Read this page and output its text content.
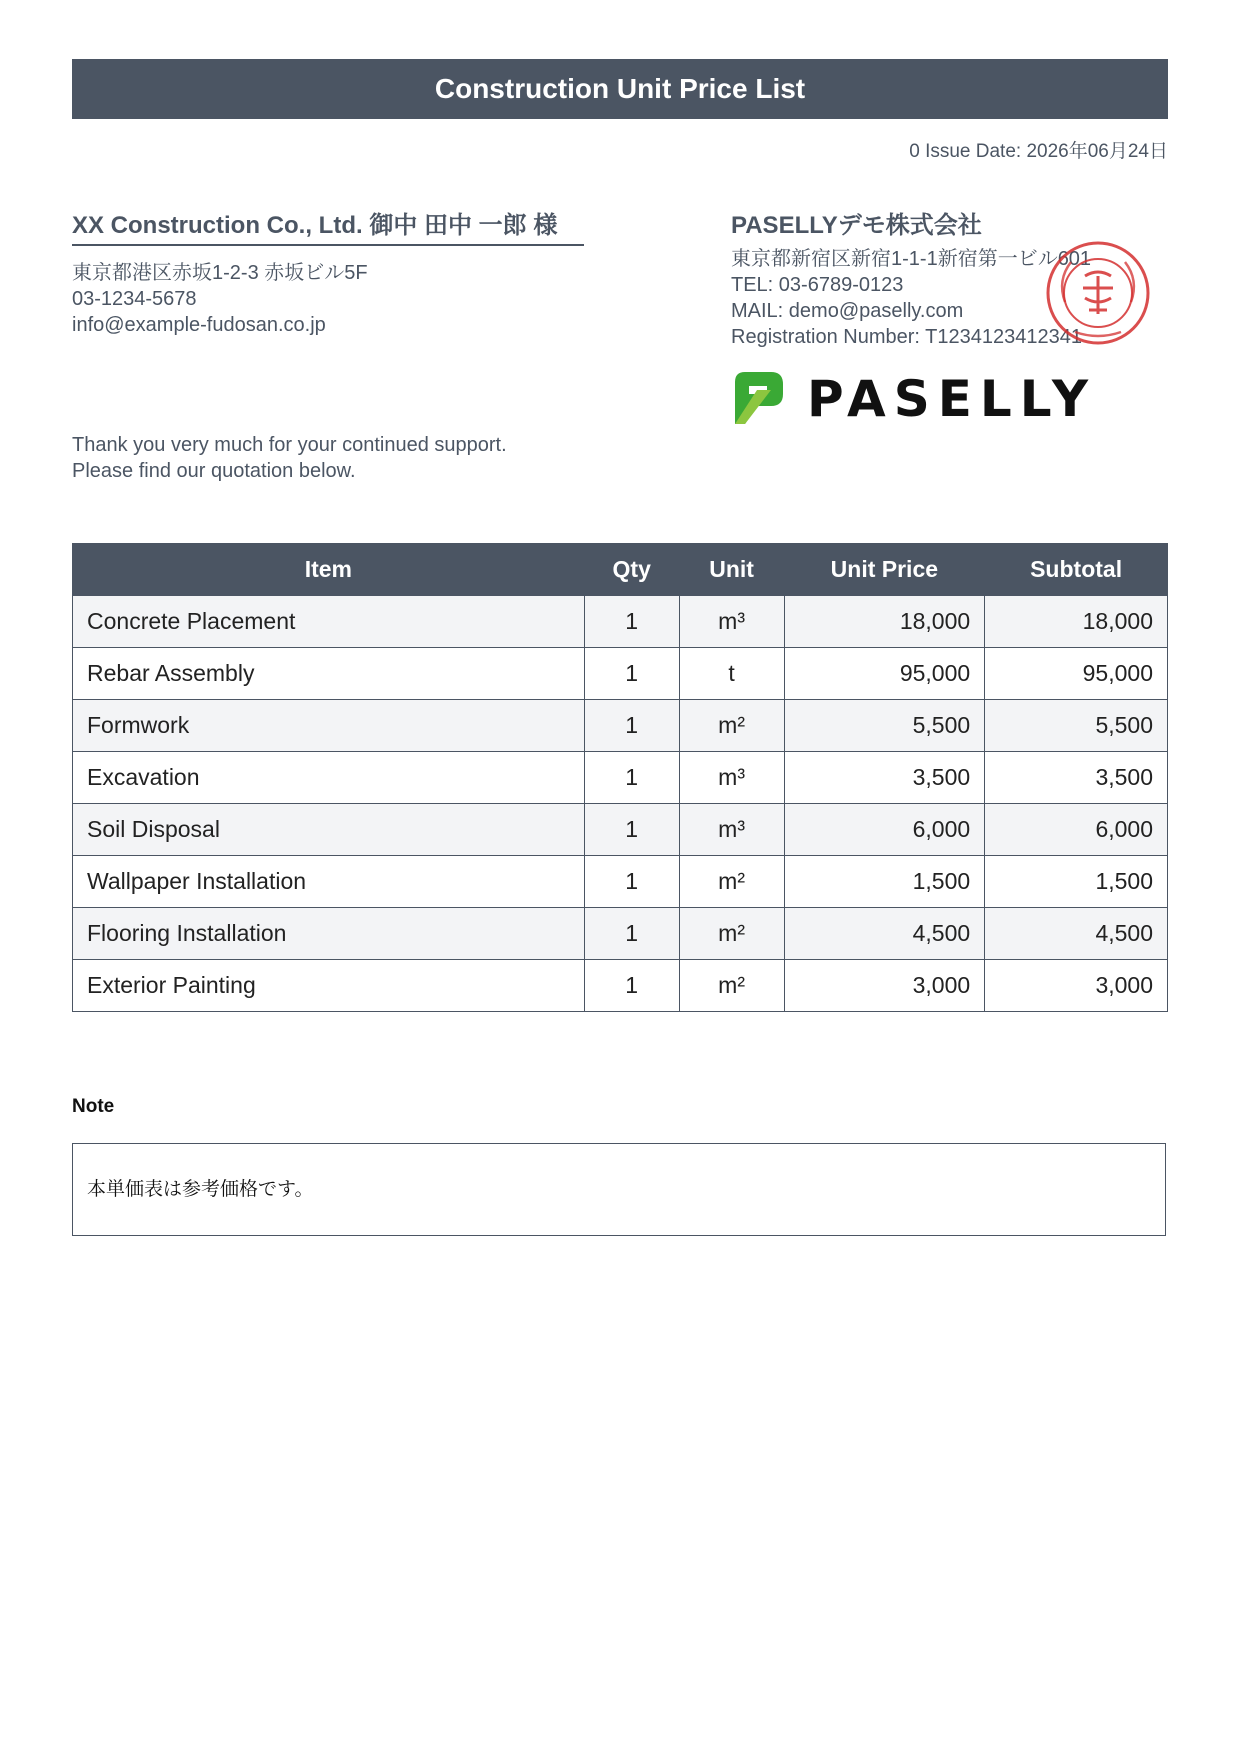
Construction Unit Price List
0 Issue Date: 2026年06月24日
XX Construction Co., Ltd. 御中 田中 一郎 様
東京都港区赤坂1-2-3 赤坂ビル5F
03-1234-5678
info@example-fudosan.co.jp
Thank you very much for your continued support.
Please find our quotation below.
PASELLYデモ株式会社
東京都新宿区新宿1-1-1新宿第一ビル601
TEL: 03-6789-0123
MAIL: demo@paselly.com
Registration Number: T1234123412341
PASELLY
Item	Qty	Unit	Unit Price	Subtotal
Concrete Placement	1	m³	18,000	18,000
Rebar Assembly	1	t	95,000	95,000
Formwork	1	m²	5,500	5,500
Excavation	1	m³	3,500	3,500
Soil Disposal	1	m³	6,000	6,000
Wallpaper Installation	1	m²	1,500	1,500
Flooring Installation	1	m²	4,500	4,500
Exterior Painting	1	m²	3,000	3,000
Note
本単価表は参考価格です。
